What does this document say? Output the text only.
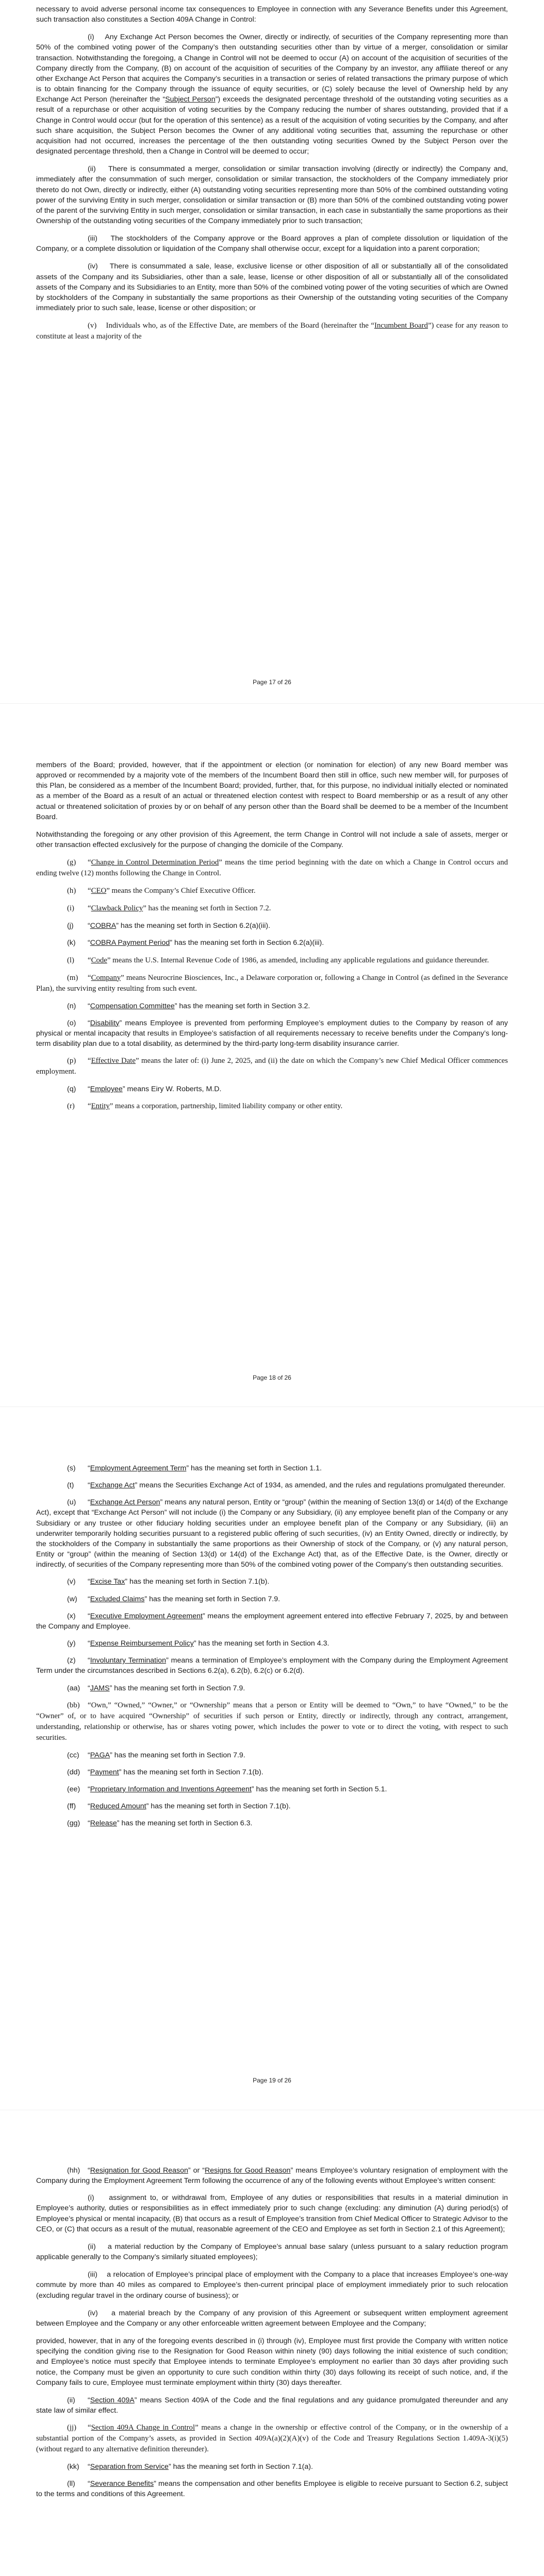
necessary to avoid adverse personal income tax consequences to Employee in connection with any Severance Benefits under this Agreement, such transaction also constitutes a Section 409A Change in Control:

(i) Any Exchange Act Person becomes the Owner, directly or indirectly, of securities of the Company representing more than 50% of the combined voting power of the Company’s then outstanding securities other than by virtue of a merger, consolidation or similar transaction. Notwithstanding the foregoing, a Change in Control will not be deemed to occur (A) on account of the acquisition of securities of the Company directly from the Company, (B) on account of the acquisition of securities of the Company by an investor, any affiliate thereof or any other Exchange Act Person that acquires the Company’s securities in a transaction or series of related transactions the primary purpose of which is to obtain financing for the Company through the issuance of equity securities, or (C) solely because the level of Ownership held by any Exchange Act Person (hereinafter the “Subject Person”) exceeds the designated percentage threshold of the outstanding voting securities as a result of a repurchase or other acquisition of voting securities by the Company reducing the number of shares outstanding, provided that if a Change in Control would occur (but for the operation of this sentence) as a result of the acquisition of voting securities by the Company, and after such share acquisition, the Subject Person becomes the Owner of any additional voting securities that, assuming the repurchase or other acquisition had not occurred, increases the percentage of the then outstanding voting securities Owned by the Subject Person over the designated percentage threshold, then a Change in Control will be deemed to occur;

(ii) There is consummated a merger, consolidation or similar transaction involving (directly or indirectly) the Company and, immediately after the consummation of such merger, consolidation or similar transaction, the stockholders of the Company immediately prior thereto do not Own, directly or indirectly, either (A) outstanding voting securities representing more than 50% of the combined outstanding voting power of the surviving Entity in such merger, consolidation or similar transaction or (B) more than 50% of the combined outstanding voting power of the parent of the surviving Entity in such merger, consolidation or similar transaction, in each case in substantially the same proportions as their Ownership of the outstanding voting securities of the Company immediately prior to such transaction;

(iii) The stockholders of the Company approve or the Board approves a plan of complete dissolution or liquidation of the Company, or a complete dissolution or liquidation of the Company shall otherwise occur, except for a liquidation into a parent corporation;

(iv) There is consummated a sale, lease, exclusive license or other disposition of all or substantially all of the consolidated assets of the Company and its Subsidiaries, other than a sale, lease, license or other disposition of all or substantially all of the consolidated assets of the Company and its Subsidiaries to an Entity, more than 50% of the combined voting power of the voting securities of which are Owned by stockholders of the Company in substantially the same proportions as their Ownership of the outstanding voting securities of the Company immediately prior to such sale, lease, license or other disposition; or

(v) Individuals who, as of the Effective Date, are members of the Board (hereinafter the “Incumbent Board”) cease for any reason to constitute at least a majority of the

Page 17 of 26

members of the Board; provided, however, that if the appointment or election (or nomination for election) of any new Board member was approved or recommended by a majority vote of the members of the Incumbent Board then still in office, such new member will, for purposes of this Plan, be considered as a member of the Incumbent Board; provided, further, that, for this purpose, no individual initially elected or nominated as a member of the Board as a result of an actual or threatened election contest with respect to Board membership or as a result of any other actual or threatened solicitation of proxies by or on behalf of any person other than the Board shall be deemed to be a member of the Incumbent Board.

Notwithstanding the foregoing or any other provision of this Agreement, the term Change in Control will not include a sale of assets, merger or other transaction effected exclusively for the purpose of changing the domicile of the Company.

(g) “Change in Control Determination Period” means the time period beginning with the date on which a Change in Control occurs and ending twelve (12) months following the Change in Control.

(h) “CEO” means the Company’s Chief Executive Officer.

(i) “Clawback Policy” has the meaning set forth in Section 7.2.

(j) “COBRA” has the meaning set forth in Section 6.2(a)(iii).

(k) “COBRA Payment Period” has the meaning set forth in Section 6.2(a)(iii).

(l) “Code” means the U.S. Internal Revenue Code of 1986, as amended, including any applicable regulations and guidance thereunder.

(m) “Company” means Neurocrine Biosciences, Inc., a Delaware corporation or, following a Change in Control (as defined in the Severance Plan), the surviving entity resulting from such event.

(n) “Compensation Committee” has the meaning set forth in Section 3.2.

(o) “Disability” means Employee is prevented from performing Employee’s employment duties to the Company by reason of any physical or mental incapacity that results in Employee’s satisfaction of all requirements necessary to receive benefits under the Company’s long-term disability plan due to a total disability, as determined by the third-party long-term disability insurance carrier.

(p) “Effective Date” means the later of: (i) June 2, 2025, and (ii) the date on which the Company’s new Chief Medical Officer commences employment.

(q) “Employee” means Eiry W. Roberts, M.D.

(r) “Entity” means a corporation, partnership, limited liability company or other entity.

Page 18 of 26

(s) “Employment Agreement Term” has the meaning set forth in Section 1.1.

(t) “Exchange Act” means the Securities Exchange Act of 1934, as amended, and the rules and regulations promulgated thereunder.

(u) “Exchange Act Person” means any natural person, Entity or “group” (within the meaning of Section 13(d) or 14(d) of the Exchange Act), except that “Exchange Act Person” will not include (i) the Company or any Subsidiary, (ii) any employee benefit plan of the Company or any Subsidiary or any trustee or other fiduciary holding securities under an employee benefit plan of the Company or any Subsidiary, (iii) an underwriter temporarily holding securities pursuant to a registered public offering of such securities, (iv) an Entity Owned, directly or indirectly, by the stockholders of the Company in substantially the same proportions as their Ownership of stock of the Company, or (v) any natural person, Entity or “group” (within the meaning of Section 13(d) or 14(d) of the Exchange Act) that, as of the Effective Date, is the Owner, directly or indirectly, of securities of the Company representing more than 50% of the combined voting power of the Company’s then outstanding securities.

(v) “Excise Tax” has the meaning set forth in Section 7.1(b).

(w) “Excluded Claims” has the meaning set forth in Section 7.9.

(x) “Executive Employment Agreement” means the employment agreement entered into effective February 7, 2025, by and between the Company and Employee.

(y) “Expense Reimbursement Policy” has the meaning set forth in Section 4.3.

(z) “Involuntary Termination” means a termination of Employee’s employment with the Company during the Employment Agreement Term under the circumstances described in Sections 6.2(a), 6.2(b), 6.2(c) or 6.2(d).

(aa) “JAMS” has the meaning set forth in Section 7.9.

(bb) “Own,” “Owned,” “Owner,” or “Ownership” means that a person or Entity will be deemed to “Own,” to have “Owned,” to be the “Owner” of, or to have acquired “Ownership” of securities if such person or Entity, directly or indirectly, through any contract, arrangement, understanding, relationship or otherwise, has or shares voting power, which includes the power to vote or to direct the voting, with respect to such securities.

(cc) “PAGA” has the meaning set forth in Section 7.9.

(dd) “Payment” has the meaning set forth in Section 7.1(b).

(ee) “Proprietary Information and Inventions Agreement” has the meaning set forth in Section 5.1.

(ff) “Reduced Amount” has the meaning set forth in Section 7.1(b).

(gg) “Release” has the meaning set forth in Section 6.3.

Page 19 of 26

(hh) “Resignation for Good Reason” or “Resigns for Good Reason” means Employee’s voluntary resignation of employment with the Company during the Employment Agreement Term following the occurrence of any of the following events without Employee’s written consent:

(i) assignment to, or withdrawal from, Employee of any duties or responsibilities that results in a material diminution in Employee’s authority, duties or responsibilities as in effect immediately prior to such change (excluding: any diminution (A) during period(s) of Employee’s physical or mental incapacity, (B) that occurs as a result of Employee’s transition from Chief Medical Officer to Strategic Advisor to the CEO, or (C) that occurs as a result of the mutual, reasonable agreement of the CEO and Employee as set forth in Section 2.1 of this Agreement);

(ii) a material reduction by the Company of Employee’s annual base salary (unless pursuant to a salary reduction program applicable generally to the Company’s similarly situated employees);

(iii) a relocation of Employee’s principal place of employment with the Company to a place that increases Employee’s one-way commute by more than 40 miles as compared to Employee’s then-current principal place of employment immediately prior to such relocation (excluding regular travel in the ordinary course of business); or

(iv) a material breach by the Company of any provision of this Agreement or subsequent written employment agreement between Employee and the Company or any other enforceable written agreement between Employee and the Company;

provided, however, that in any of the foregoing events described in (i) through (iv), Employee must first provide the Company with written notice specifying the condition giving rise to the Resignation for Good Reason within ninety (90) days following the initial existence of such condition; and Employee’s notice must specify that Employee intends to terminate Employee’s employment no earlier than 30 days after providing such notice, the Company must be given an opportunity to cure such condition within thirty (30) days following its receipt of such notice, and, if the Company fails to cure, Employee must terminate employment within thirty (30) days thereafter.

(ii) “Section 409A” means Section 409A of the Code and the final regulations and any guidance promulgated thereunder and any state law of similar effect.

(jj) “Section 409A Change in Control” means a change in the ownership or effective control of the Company, or in the ownership of a substantial portion of the Company’s assets, as provided in Section 409A(a)(2)(A)(v) of the Code and Treasury Regulations Section 1.409A-3(i)(5) (without regard to any alternative definition thereunder).

(kk) “Separation from Service” has the meaning set forth in Section 7.1(a).

(ll) “Severance Benefits” means the compensation and other benefits Employee is eligible to receive pursuant to Section 6.2, subject to the terms and conditions of this Agreement.
